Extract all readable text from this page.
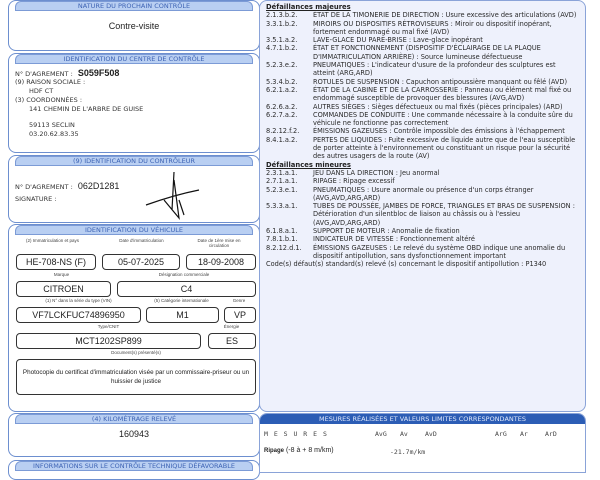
NATURE DU PROCHAIN CONTRÔLE
Contre-visite
IDENTIFICATION DU CENTRE DE CONTRÔLE
N° D'AGREMENT : S059F508
(9) RAISON SOCIALE :
HDF CT
(3) COORDONNÉES :
141 CHEMIN DE L'ARBRE DE GUISE
59113 SECLIN
03.20.62.83.35
(9) IDENTIFICATION DU CONTRÔLEUR
N° D'AGREMENT : 062D1281
SIGNATURE :
IDENTIFICATION DU VÉHICULE
(2) Immatriculation et pays	Date d'immatriculation	Date de 1ère mise en circulation
HE-708-NS (F)	05-07-2025	18-09-2008
Marque	Désignation commerciale
CITROEN	C4
(1) N° dans la série du type (VIN)	(5) Catégorie internationale	Genre
VF7LCKFUC74896950	M1	VP
Type/CNIT	Énergie
MCT1202SP899	ES
Document(s) présenté(s)
Photocopie du certificat d'immatriculation visée par un commissaire-priseur ou un huissier de justice
(4) KILOMÉTRAGE RELEVÉ
160943
INFORMATIONS SUR LE CONTRÔLE TECHNIQUE DÉFAVORABLE
Défaillances majeures
2.1.3.b.2.	ÉTAT DE LA TIMONERIE DE DIRECTION : Usure excessive des articulations (AVD)
3.3.1.b.2.	MIROIRS OU DISPOSITIFS RÉTROVISEURS : Miroir ou dispositif inopérant, fortement endommagé ou mal fixé (AVD)
3.5.1.a.2.	LAVE-GLACE DU PARE-BRISE : Lave-glace inopérant
4.7.1.b.2.	ÉTAT ET FONCTIONNEMENT (DISPOSITIF D'ÉCLAIRAGE DE LA PLAQUE D'IMMATRICULATION ARRIÈRE) : Source lumineuse défectueuse
5.2.3.e.2.	PNEUMATIQUES : L'indicateur d'usure de la profondeur des sculptures est atteint (ARG,ARD)
5.3.4.b.2.	ROTULES DE SUSPENSION : Capuchon antipoussière manquant ou fêlé (AVD)
6.2.1.a.2.	ÉTAT DE LA CABINE ET DE LA CARROSSERIE : Panneau ou élément mal fixé ou endommagé susceptible de provoquer des blessures (AVG,AVD)
6.2.6.a.2.	AUTRES SIÈGES : Sièges défectueux ou mal fixés (pièces principales) (ARD)
6.2.7.a.2.	COMMANDES DE CONDUITE : Une commande nécessaire à la conduite sûre du véhicule ne fonctionne pas correctement
8.2.12.f.2.	ÉMISSIONS GAZEUSES : Contrôle impossible des émissions à l'échappement
8.4.1.a.2.	PERTES DE LIQUIDES : Fuite excessive de liquide autre que de l'eau susceptible de porter atteinte à l'environnement ou constituant un risque pour la sécurité des autres usagers de la route (AV)
Défaillances mineures
2.3.1.a.1.	JEU DANS LA DIRECTION : Jeu anormal
2.7.1.a.1.	RIPAGE : Ripage excessif
5.2.3.e.1.	PNEUMATIQUES : Usure anormale ou présence d'un corps étranger (AVG,AVD,ARG,ARD)
5.3.3.a.1.	TUBES DE POUSSÉE, JAMBES DE FORCE, TRIANGLES ET BRAS DE SUSPENSION : Détérioration d'un silentbloc de liaison au châssis ou à l'essieu (AVG,AVD,ARG,ARD)
6.1.8.a.1.	SUPPORT DE MOTEUR : Anomalie de fixation
7.8.1.b.1.	INDICATEUR DE VITESSE : Fonctionnement altéré
8.2.12.d.1.	ÉMISSIONS GAZEUSES : Le relevé du système OBD indique une anomalie du dispositif antipollution, sans dysfonctionnement important
Code(s) défaut(s) standard(s) relevé (s) concernant le dispositif antipollution : P1340
MESURES RÉALISÉES ET VALEURS LIMITES CORRESPONDANTES
M E S U R E S	AvG Av	AvD	ArG Ar	ArD
Ripage (-8 à + 8 m/km)	-21.7m/km
